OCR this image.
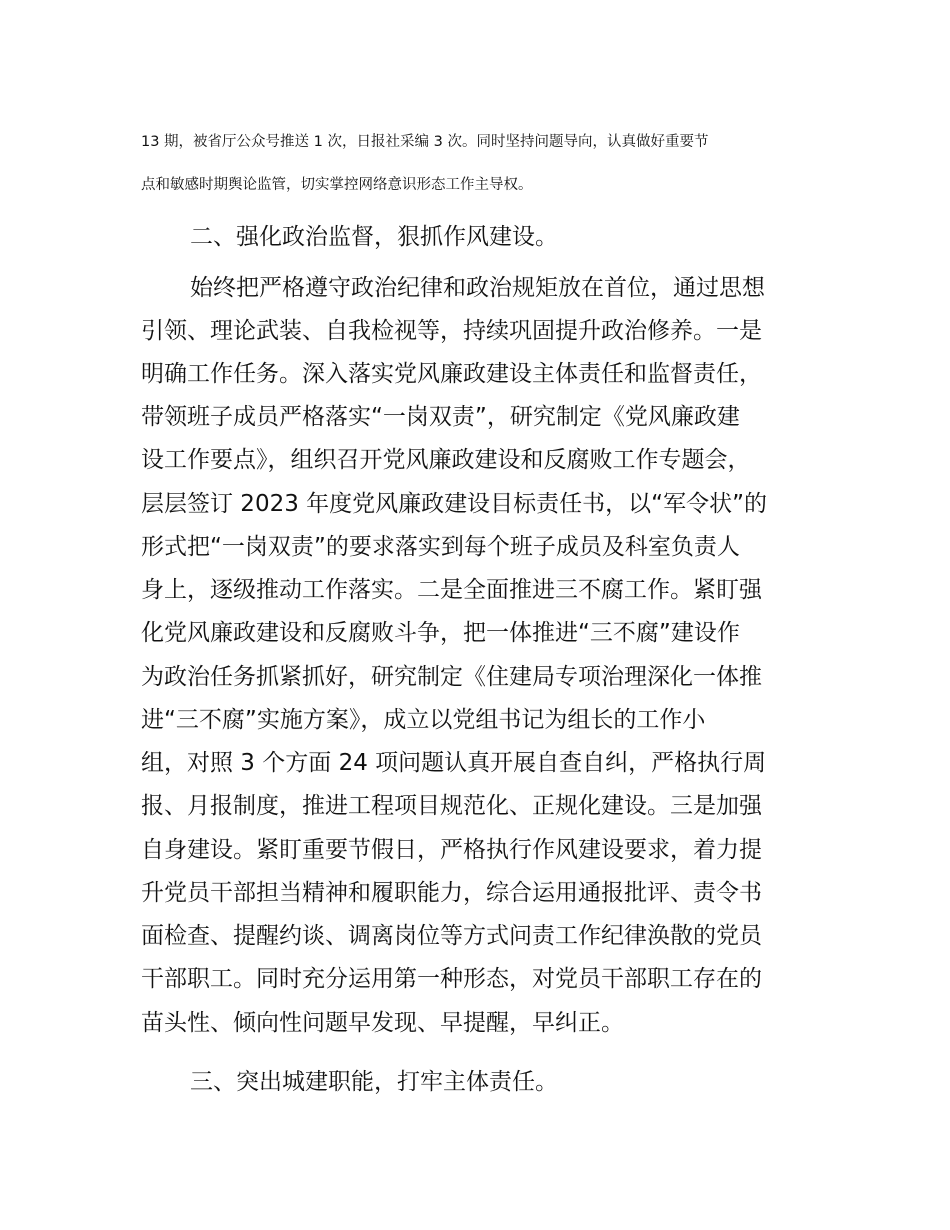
13 期，被省厅公众号推送 1 次，日报社采编 3 次。同时坚持问题导向，认真做好重要节
点和敏感时期舆论监管，切实掌控网络意识形态工作主导权。
二、强化政治监督，狠抓作风建设。
始终把严格遵守政治纪律和政治规矩放在首位，通过思想
引领、理论武装、自我检视等，持续巩固提升政治修养。一是
明确工作任务。深入落实党风廉政建设主体责任和监督责任，
带领班子成员严格落实“一岗双责”，研究制定《党风廉政建
设工作要点》，组织召开党风廉政建设和反腐败工作专题会，
层层签订 2023 年度党风廉政建设目标责任书，以“军令状”的
形式把“一岗双责”的要求落实到每个班子成员及科室负责人
身上，逐级推动工作落实。二是全面推进三不腐工作。紧盯强
化党风廉政建设和反腐败斗争，把一体推进“三不腐”建设作
为政治任务抓紧抓好，研究制定《住建局专项治理深化一体推
进“三不腐”实施方案》，成立以党组书记为组长的工作小
组，对照 3 个方面 24 项问题认真开展自查自纠，严格执行周
报、月报制度，推进工程项目规范化、正规化建设。三是加强
自身建设。紧盯重要节假日，严格执行作风建设要求，着力提
升党员干部担当精神和履职能力，综合运用通报批评、责令书
面检查、提醒约谈、调离岗位等方式问责工作纪律涣散的党员
干部职工。同时充分运用第一种形态，对党员干部职工存在的
苗头性、倾向性问题早发现、早提醒，早纠正。
三、突出城建职能，打牢主体责任。
